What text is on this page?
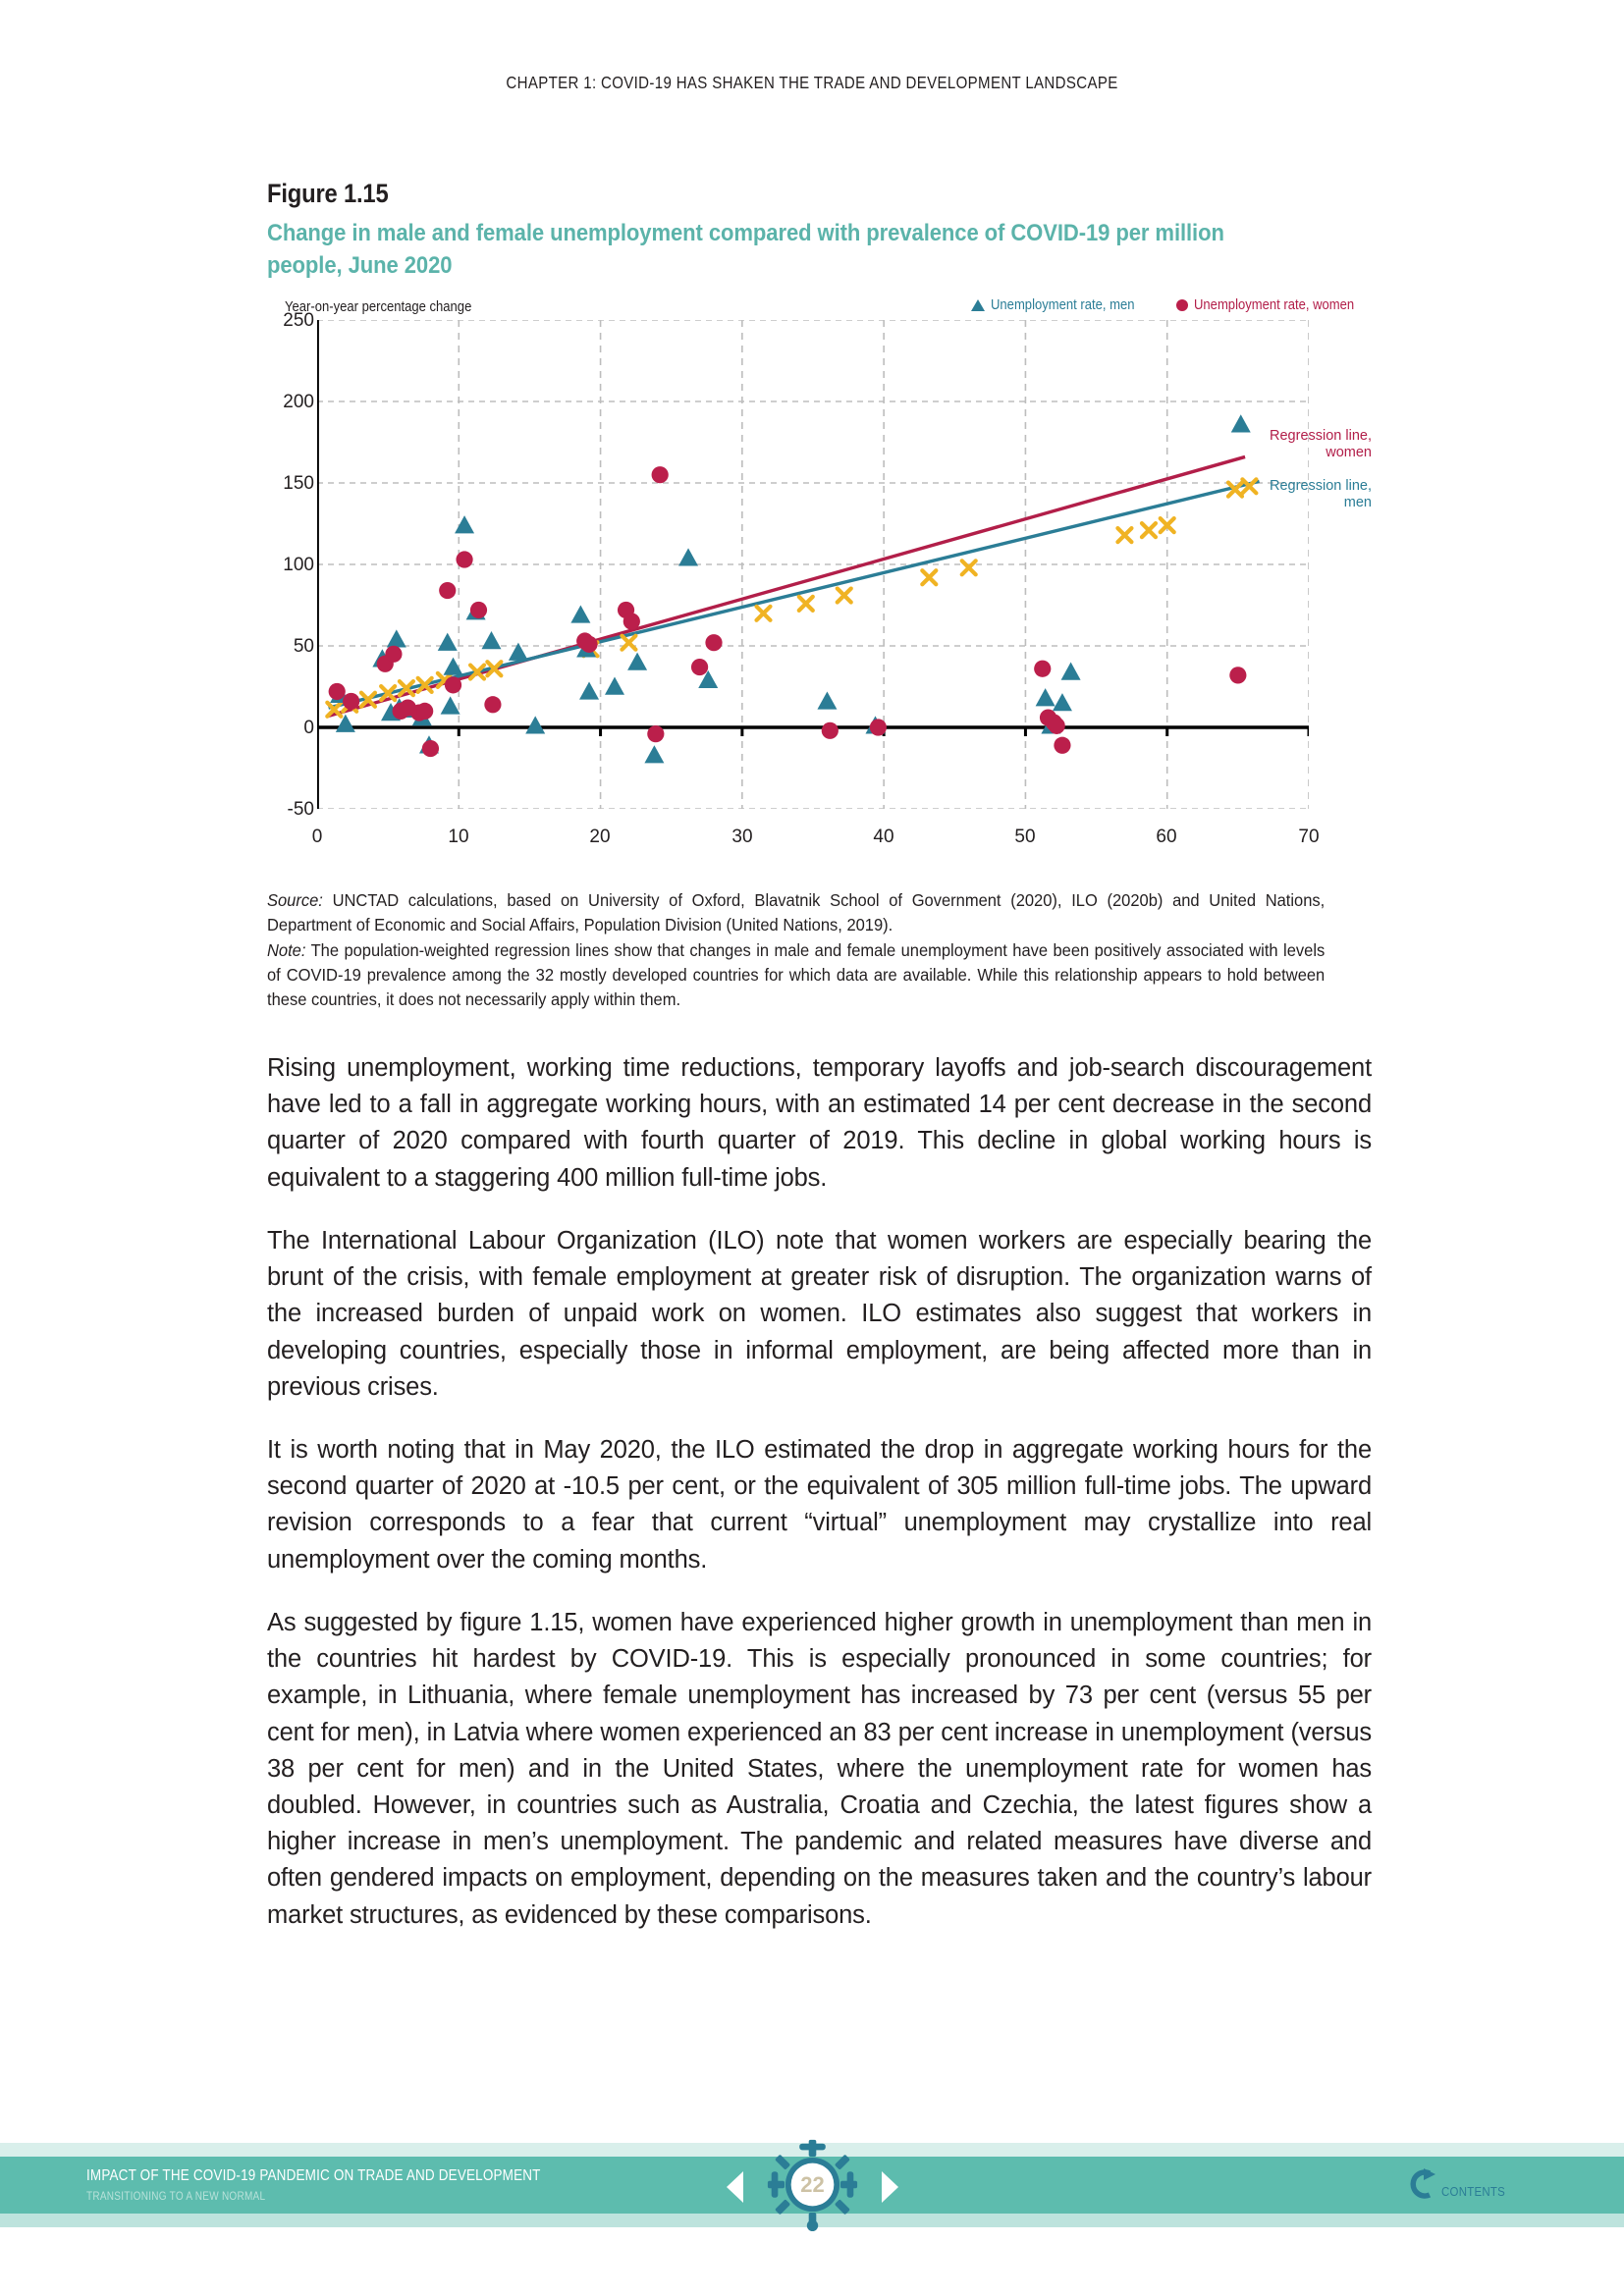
CHAPTER 1: COVID-19 HAS SHAKEN THE TRADE AND DEVELOPMENT LANDSCAPE
Figure 1.15
Change in male and female unemployment compared with prevalence of COVID-19 per million people, June 2020
Year-on-year percentage change	Unemployment rate, men	Unemployment rate, women
250
200
150
100
50
0
-50
0	10	20	30	40	50	60	70
Regression line,
women
Regression line,
men
Source: UNCTAD calculations, based on University of Oxford, Blavatnik School of Government (2020), ILO (2020b) and United Nations, Department of Economic and Social Affairs, Population Division (United Nations, 2019).
Note: The population-weighted regression lines show that changes in male and female unemployment have been positively associated with levels of COVID-19 prevalence among the 32 mostly developed countries for which data are available. While this relationship appears to hold between these countries, it does not necessarily apply within them.

Rising unemployment, working time reductions, temporary layoffs and job-search discouragement have led to a fall in aggregate working hours, with an estimated 14 per cent decrease in the second quarter of 2020 compared with fourth quarter of 2019. This decline in global working hours is equivalent to a staggering 400 million full-time jobs.

The International Labour Organization (ILO) note that women workers are especially bearing the brunt of the crisis, with female employment at greater risk of disruption. The organization warns of the increased burden of unpaid work on women. ILO estimates also suggest that workers in developing countries, especially those in informal employment, are being affected more than in previous crises.

It is worth noting that in May 2020, the ILO estimated the drop in aggregate working hours for the second quarter of 2020 at -10.5 per cent, or the equivalent of 305 million full-time jobs. The upward revision corresponds to a fear that current “virtual” unemployment may crystallize into real unemployment over the coming months.

As suggested by figure 1.15, women have experienced higher growth in unemployment than men in the countries hit hardest by COVID-19. This is especially pronounced in some countries; for example, in Lithuania, where female unemployment has increased by 73 per cent (versus 55 per cent for men), in Latvia where women experienced an 83 per cent increase in unemployment (versus 38 per cent for men) and in the United States, where the unemployment rate for women has doubled. However, in countries such as Australia, Croatia and Czechia, the latest figures show a higher increase in men’s unemployment. The pandemic and related measures have diverse and often gendered impacts on employment, depending on the measures taken and the country’s labour market structures, as evidenced by these comparisons.

IMPACT OF THE COVID-19 PANDEMIC ON TRADE AND DEVELOPMENT
TRANSITIONING TO A NEW NORMAL
22	CONTENTS
